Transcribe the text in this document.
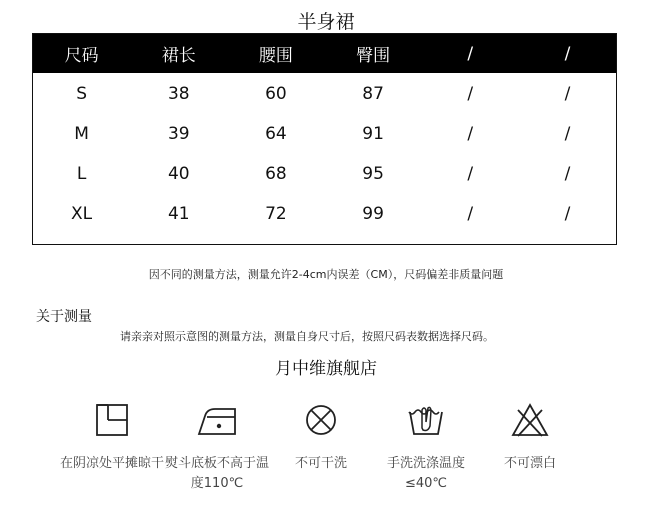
半身裙
尺码	裙长	腰围	臀围	/	/
S	38	60	87	/	/
M	39	64	91	/	/
L	40	68	95	/	/
XL	41	72	99	/	/
因不同的测量方法，测量允许2-4cm内误差（CM），尺码偏差非质量问题
关于测量
请亲亲对照示意图的测量方法，测量自身尺寸后，按照尺码表数据选择尺码。
月中维旗舰店
在阴凉处平摊晾干 熨斗底板不高于温度110℃
不可干洗	手洗洗涤温度≤40℃
不可漂白
